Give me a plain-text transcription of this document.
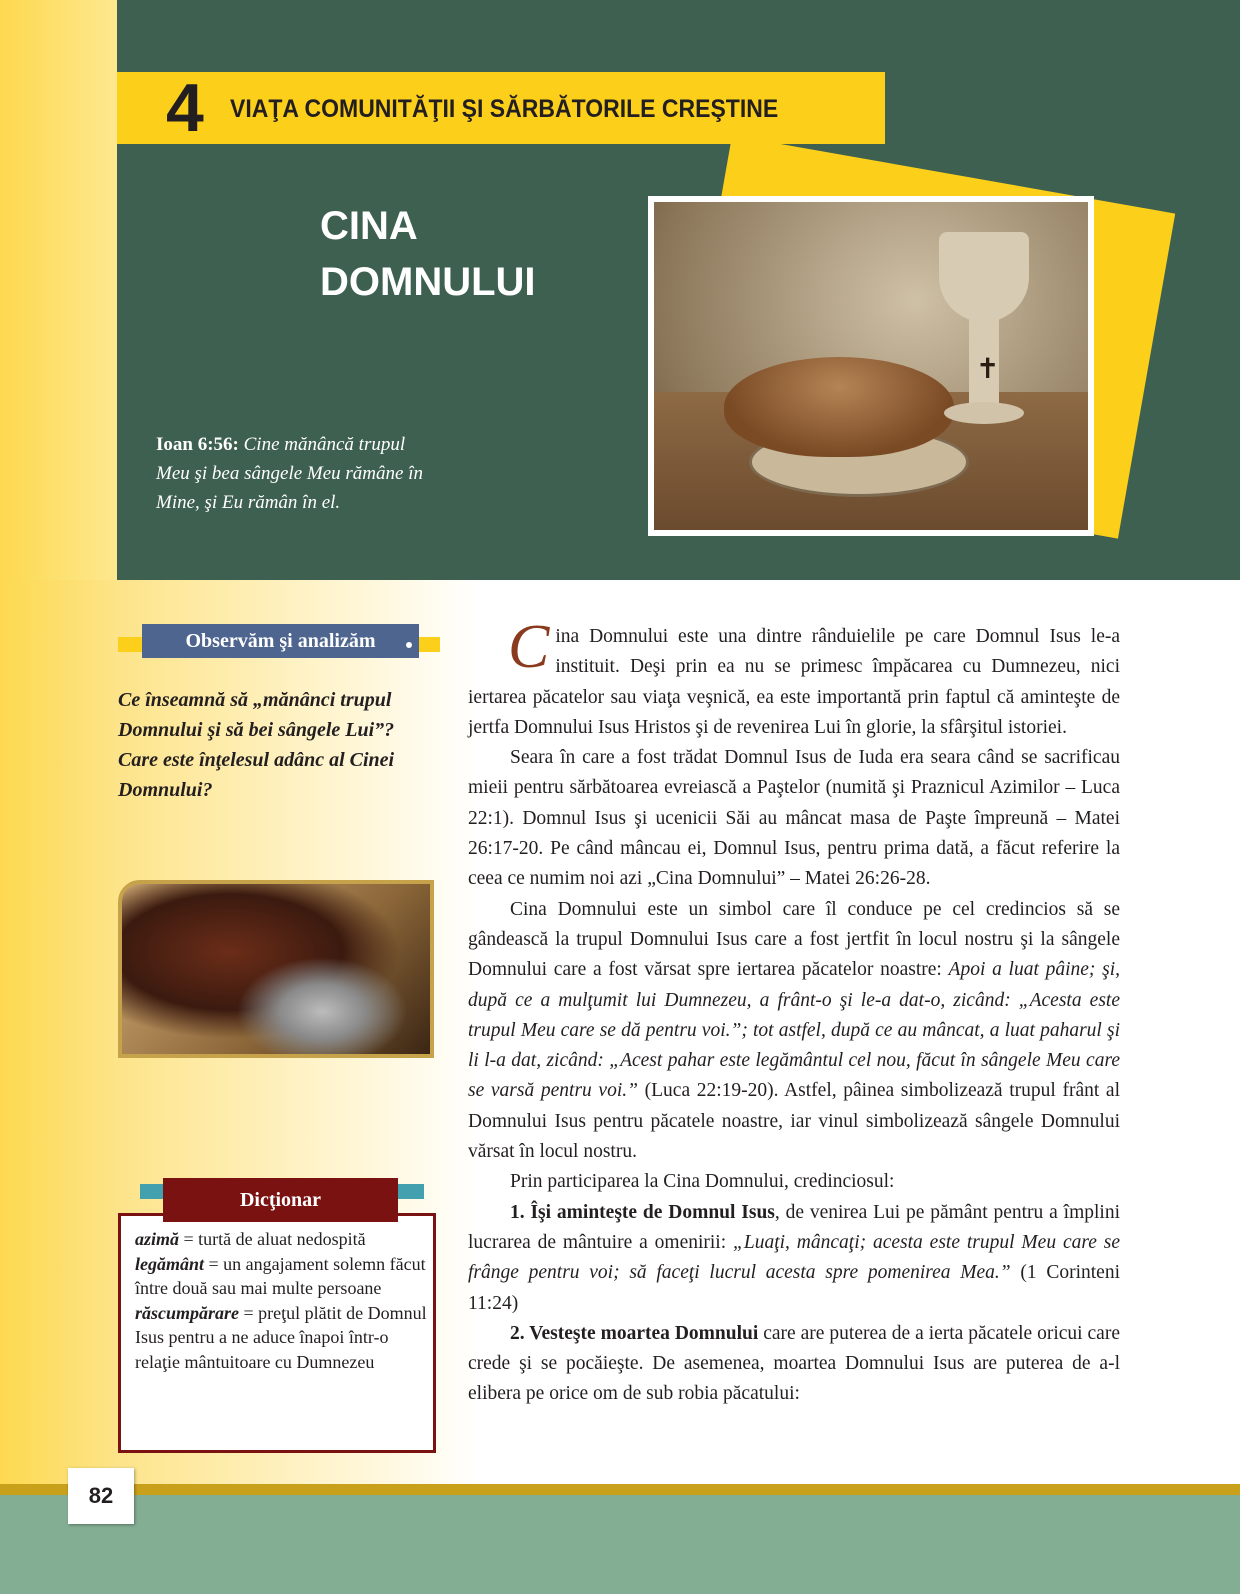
4 VIAŢA COMUNITĂŢII ŞI SĂRBĂTORILE CREŞTINE
CINA
DOMNULUI
Ioan 6:56: Cine mănâncă trupul Meu şi bea sângele Meu rămâne în Mine, şi Eu rămân în el.
✝
Observăm şi analizăm
Ce înseamnă să „mănânci trupul Domnului şi să bei sângele Lui”? Care este înţelesul adânc al Cinei Domnului?
Dicţionar
azimă = turtă de aluat nedospită
legământ = un angajament solemn făcut între două sau mai multe persoane
răscumpărare = preţul plătit de Domnul Isus pentru a ne aduce înapoi într-o relaţie mântuitoare cu Dumnezeu

Cina Domnului este una dintre rânduielile pe care Domnul Isus le-a instituit. Deşi prin ea nu se primesc împăcarea cu Dumnezeu, nici iertarea păcatelor sau viaţa veşnică, ea este importantă prin faptul că aminteşte de jertfa Domnului Isus Hristos şi de revenirea Lui în glorie, la sfârşitul istoriei.

Seara în care a fost trădat Domnul Isus de Iuda era seara când se sacrificau mieii pentru sărbătoarea evreiască a Paştelor (numită şi Praznicul Azimilor – Luca 22:1). Domnul Isus şi ucenicii Săi au mâncat masa de Paşte împreună – Matei 26:17-20. Pe când mâncau ei, Domnul Isus, pentru prima dată, a făcut referire la ceea ce numim noi azi „Cina Domnului” – Matei 26:26-28.

Cina Domnului este un simbol care îl conduce pe cel credincios să se gândească la trupul Domnului Isus care a fost jertfit în locul nostru şi la sângele Domnului care a fost vărsat spre iertarea păcatelor noastre: Apoi a luat pâine; şi, după ce a mulţumit lui Dumnezeu, a frânt-o şi le-a dat-o, zicând: „Acesta este trupul Meu care se dă pentru voi.”; tot astfel, după ce au mâncat, a luat paharul şi li l-a dat, zicând: „Acest pahar este legământul cel nou, făcut în sângele Meu care se varsă pentru voi.” (Luca 22:19-20). Astfel, pâinea simbolizează trupul frânt al Domnului Isus pentru păcatele noastre, iar vinul simbolizează sângele Domnului vărsat în locul nostru.

Prin participarea la Cina Domnului, credinciosul:

1. Îşi aminteşte de Domnul Isus, de venirea Lui pe pământ pentru a împlini lucrarea de mântuire a omenirii: „Luaţi, mâncaţi; acesta este trupul Meu care se frânge pentru voi; să faceţi lucrul acesta spre pomenirea Mea.” (1 Corinteni 11:24)

2. Vesteşte moartea Domnului care are puterea de a ierta păcatele oricui care crede şi se pocăieşte. De asemenea, moartea Domnului Isus are puterea de a-l elibera pe orice om de sub robia păcatului:

82
